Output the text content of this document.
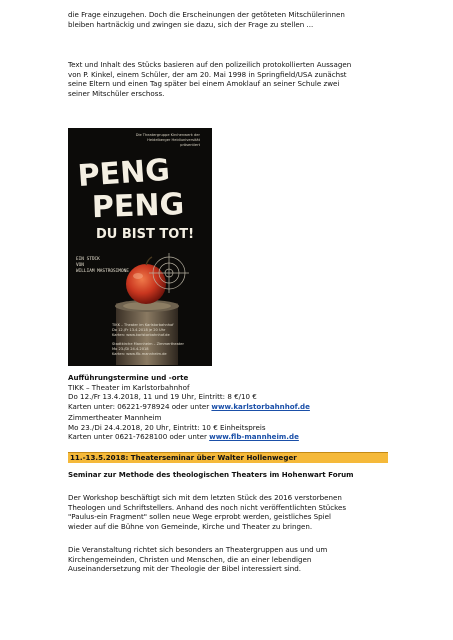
die Frage einzugehen. Doch die Erscheinungen der getöteten Mitschülerinnen
bleiben hartnäckig und zwingen sie dazu, sich der Frage zu stellen ...
Text und Inhalt des Stücks basieren auf den polizeilich protokollierten Aussagen
von P. Kinkel, einem Schüler, der am 20. Mai 1998 in Springfield/USA zunächst
seine Eltern und einen Tag später bei einem Amoklauf an seiner Schule zwei
seiner Mitschüler erschoss.
Die Theatergruppe Kirchenwerk der
Heidelberger Heidiuniversität
präsentiert
PENG
PENG
DU BIST TOT!
EIN STÜCK
VON
WILLIAM MASTROSIMONE
TIKK – Theater im Karlstorbahnhof
Do 12./Fr 13.4.2018 je 20 Uhr
Karten: www.karlstorbahnhof.de
Stadtkirche Mannheim – Zimmertheater
Mo 23./Di 24.4.2018
Karten: www.flb-mannheim.de
Aufführungstermine und -orte
TIKK – Theater im Karlstorbahnhof
Do 12./Fr 13.4.2018, 11 und 19 Uhr, Eintritt: 8 €/10 €
Karten unter: 06221-978924 oder unter www.karlstorbahnhof.de
Zimmertheater Mannheim
Mo 23./Di 24.4.2018, 20 Uhr, Eintritt: 10 € Einheitspreis
Karten unter 0621-7628100 oder unter www.flb-mannheim.de
11.-13.5.2018: Theaterseminar über Walter Hollenweger
Seminar zur Methode des theologischen Theaters im Hohenwart Forum
Der Workshop beschäftigt sich mit dem letzten Stück des 2016 verstorbenen
Theologen und Schriftstellers. Anhand des noch nicht veröffentlichten Stückes
"Paulus-ein Fragment" sollen neue Wege erprobt werden, geistliches Spiel
wieder auf die Bühne von Gemeinde, Kirche und Theater zu bringen.
Die Veranstaltung richtet sich besonders an Theatergruppen aus und um
Kirchengemeinden, Christen und Menschen, die an einer lebendigen
Auseinandersetzung mit der Theologie der Bibel interessiert sind.
